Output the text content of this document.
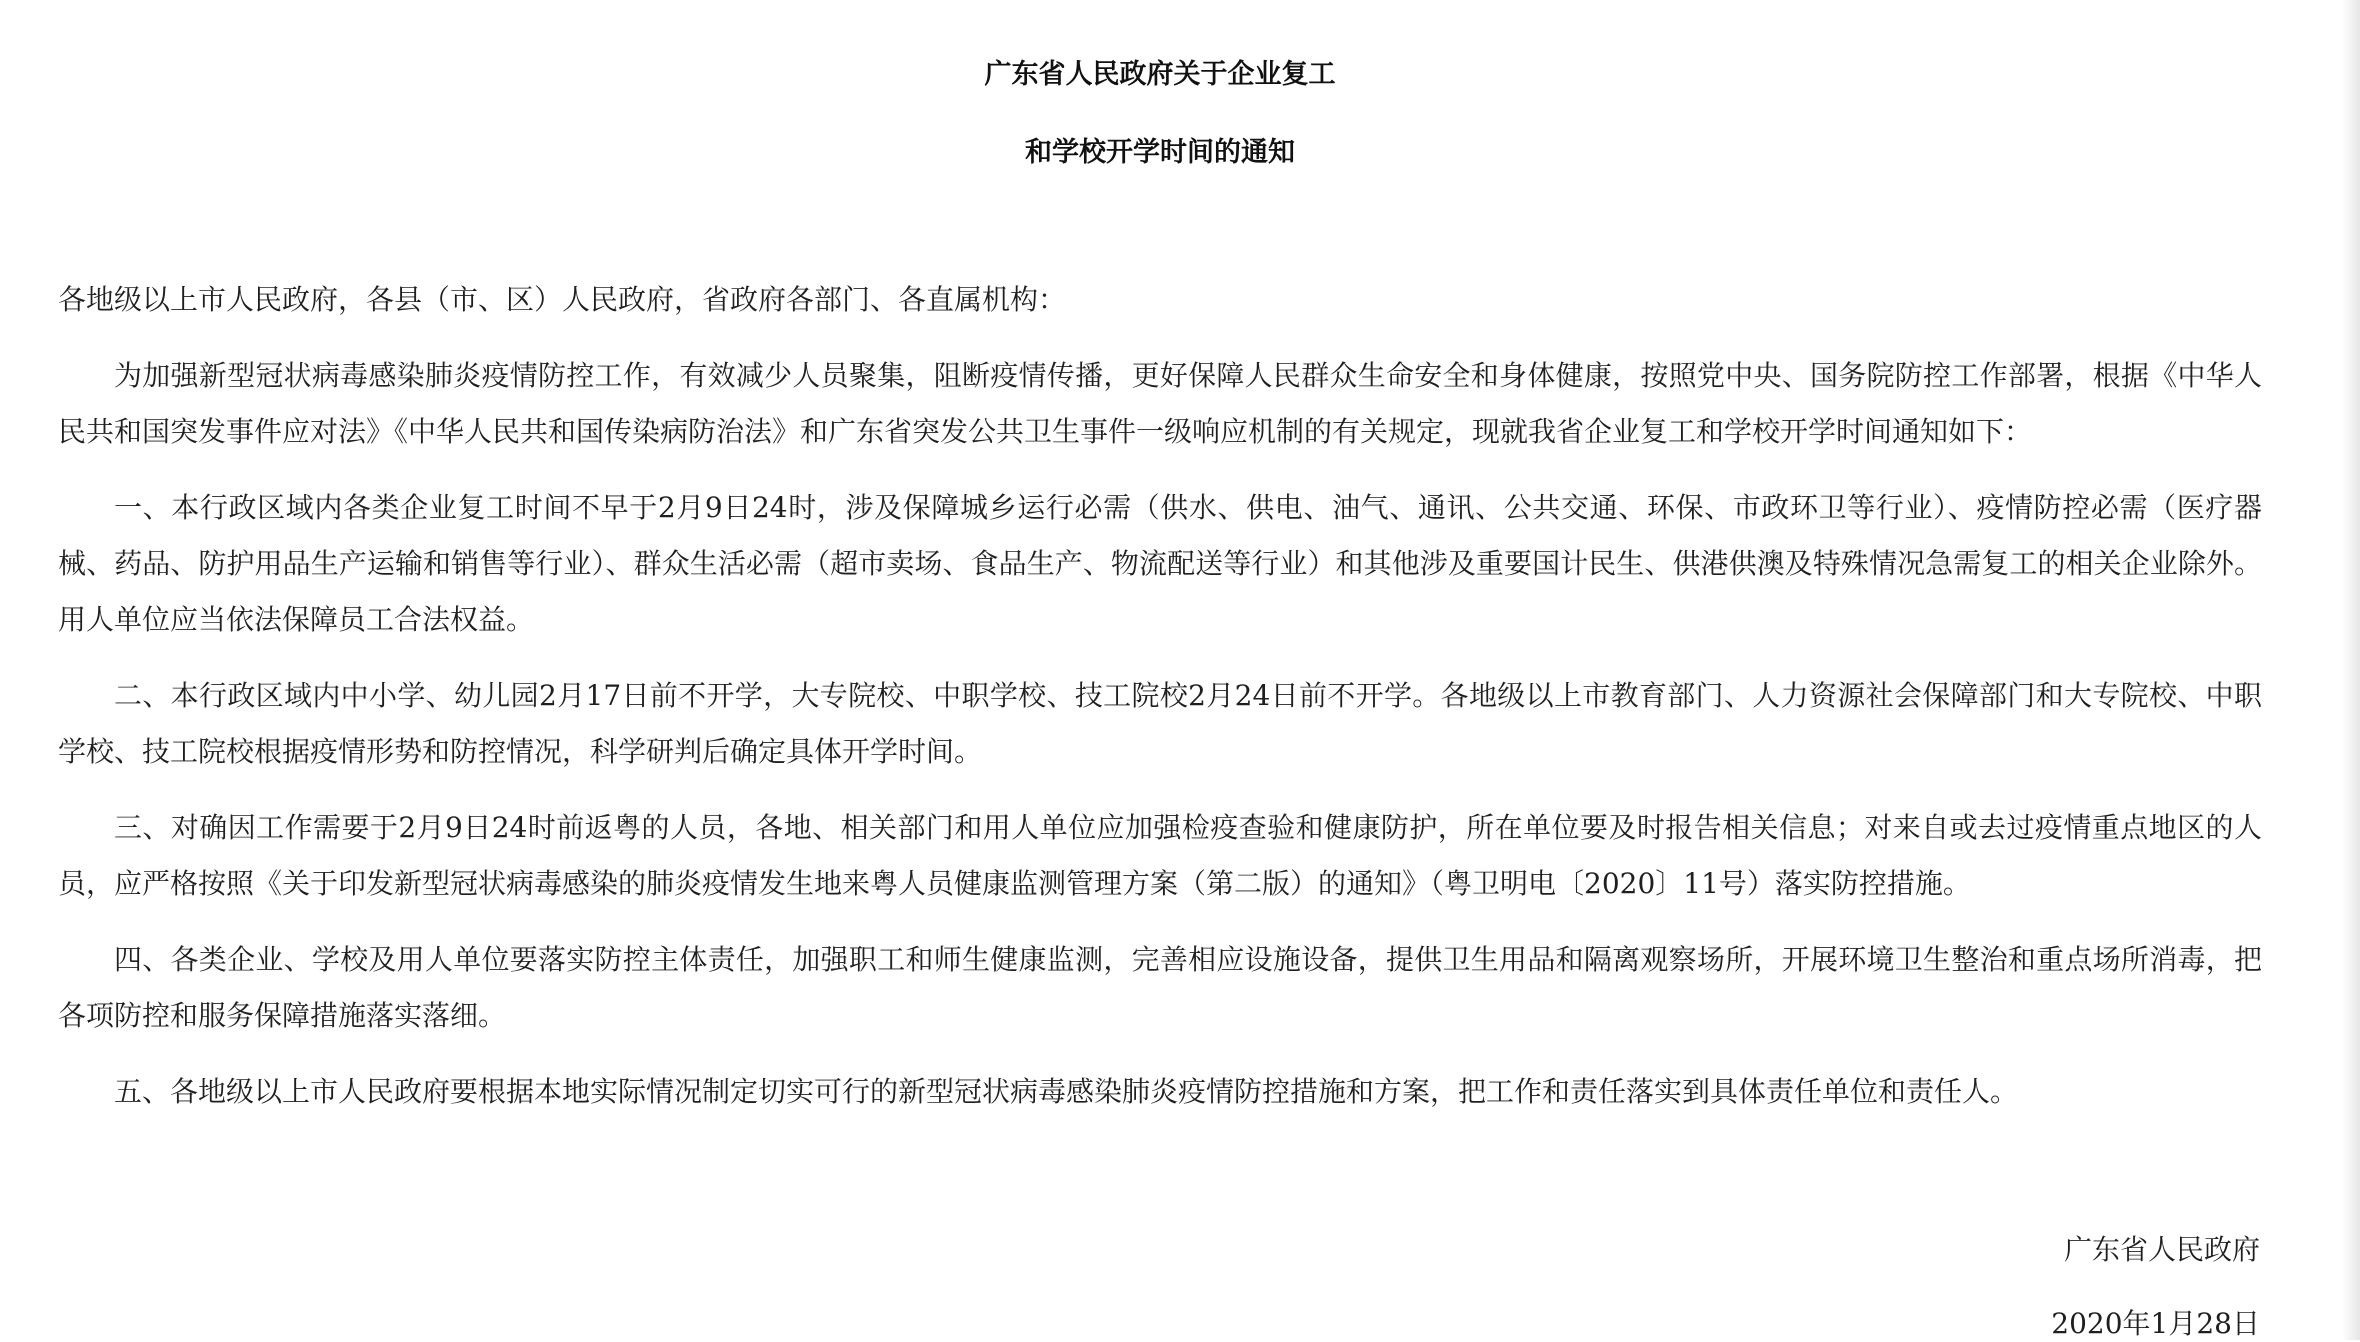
广东省人民政府关于企业复工
和学校开学时间的通知
各地级以上市人民政府，各县（市、区）人民政府，省政府各部门、各直属机构：
为加强新型冠状病毒感染肺炎疫情防控工作，有效减少人员聚集，阻断疫情传播，更好保障人民群众生命安全和身体健康，按照党中央、国务院防控工作部署，根据《中华人民共和国突发事件应对法》《中华人民共和国传染病防治法》和广东省突发公共卫生事件一级响应机制的有关规定，现就我省企业复工和学校开学时间通知如下：
一、本行政区域内各类企业复工时间不早于2月9日24时，涉及保障城乡运行必需（供水、供电、油气、通讯、公共交通、环保、市政环卫等行业）、疫情防控必需（医疗器械、药品、防护用品生产运输和销售等行业）、群众生活必需（超市卖场、食品生产、物流配送等行业）和其他涉及重要国计民生、供港供澳及特殊情况急需复工的相关企业除外。用人单位应当依法保障员工合法权益。
二、本行政区域内中小学、幼儿园2月17日前不开学，大专院校、中职学校、技工院校2月24日前不开学。各地级以上市教育部门、人力资源社会保障部门和大专院校、中职学校、技工院校根据疫情形势和防控情况，科学研判后确定具体开学时间。
三、对确因工作需要于2月9日24时前返粤的人员，各地、相关部门和用人单位应加强检疫查验和健康防护，所在单位要及时报告相关信息；对来自或去过疫情重点地区的人员，应严格按照《关于印发新型冠状病毒感染的肺炎疫情发生地来粤人员健康监测管理方案（第二版）的通知》（粤卫明电〔2020〕11号）落实防控措施。
四、各类企业、学校及用人单位要落实防控主体责任，加强职工和师生健康监测，完善相应设施设备，提供卫生用品和隔离观察场所，开展环境卫生整治和重点场所消毒，把各项防控和服务保障措施落实落细。
五、各地级以上市人民政府要根据本地实际情况制定切实可行的新型冠状病毒感染肺炎疫情防控措施和方案，把工作和责任落实到具体责任单位和责任人。
广东省人民政府
2020年1月28日
